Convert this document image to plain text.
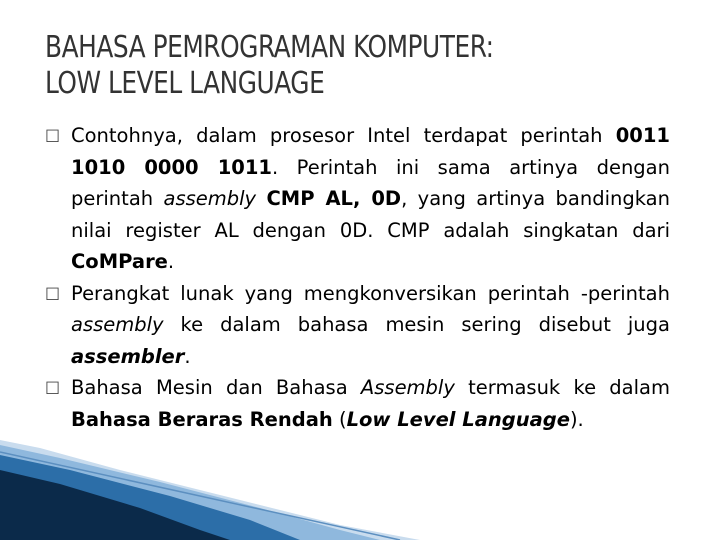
BAHASA PEMROGRAMAN KOMPUTER:
LOW LEVEL LANGUAGE
□ Contohnya, dalam prosesor Intel terdapat perintah 0011 1010 0000 1011. Perintah ini sama artinya dengan perintah assembly CMP AL, 0D, yang artinya bandingkan nilai register AL dengan 0D. CMP adalah singkatan dari CoMPare.
□ Perangkat lunak yang mengkonversikan perintah -perintah assembly ke dalam bahasa mesin sering disebut juga assembler.
□ Bahasa Mesin dan Bahasa Assembly termasuk ke dalam Bahasa Beraras Rendah (Low Level Language).
